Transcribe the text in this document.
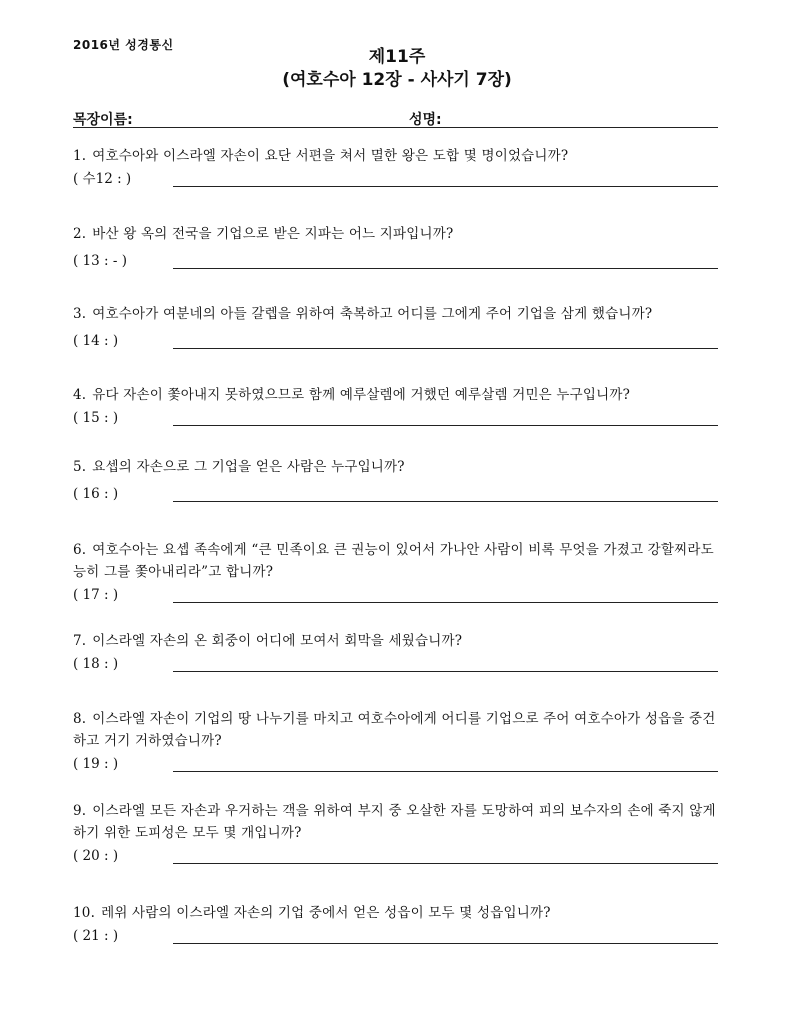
2016년 성경통신
제11주
(여호수아 12장 - 사사기 7장)
목장이름:	성명:
1. 여호수아와 이스라엘 자손이 요단 서편을 쳐서 멸한 왕은 도합 몇 명이었습니까?
( 수12 : )
2. 바산 왕 옥의 전국을 기업으로 받은 지파는 어느 지파입니까?
( 13 : - )
3. 여호수아가 여분네의 아들 갈렙을 위하여 축복하고 어디를 그에게 주어 기업을 삼게 했습니까?
( 14 : )
4. 유다 자손이 쫓아내지 못하였으므로 함께 예루살렘에 거했던 예루살렘 거민은 누구입니까?
( 15 : )
5. 요셉의 자손으로 그 기업을 얻은 사람은 누구입니까?
( 16 : )
6. 여호수아는 요셉 족속에게 “큰 민족이요 큰 권능이 있어서 가나안 사람이 비록 무엇을 가졌고 강할찌라도 능히 그를 쫓아내리라”고 합니까?
( 17 : )
7. 이스라엘 자손의 온 회중이 어디에 모여서 회막을 세웠습니까?
( 18 : )
8. 이스라엘 자손이 기업의 땅 나누기를 마치고 여호수아에게 어디를 기업으로 주어 여호수아가 성읍을 중건하고 거기 거하였습니까?
( 19 : )
9. 이스라엘 모든 자손과 우거하는 객을 위하여 부지 중 오살한 자를 도망하여 피의 보수자의 손에 죽지 않게 하기 위한 도피성은 모두 몇 개입니까?
( 20 : )
10. 레위 사람의 이스라엘 자손의 기업 중에서 얻은 성읍이 모두 몇 성읍입니까?
( 21 : )
